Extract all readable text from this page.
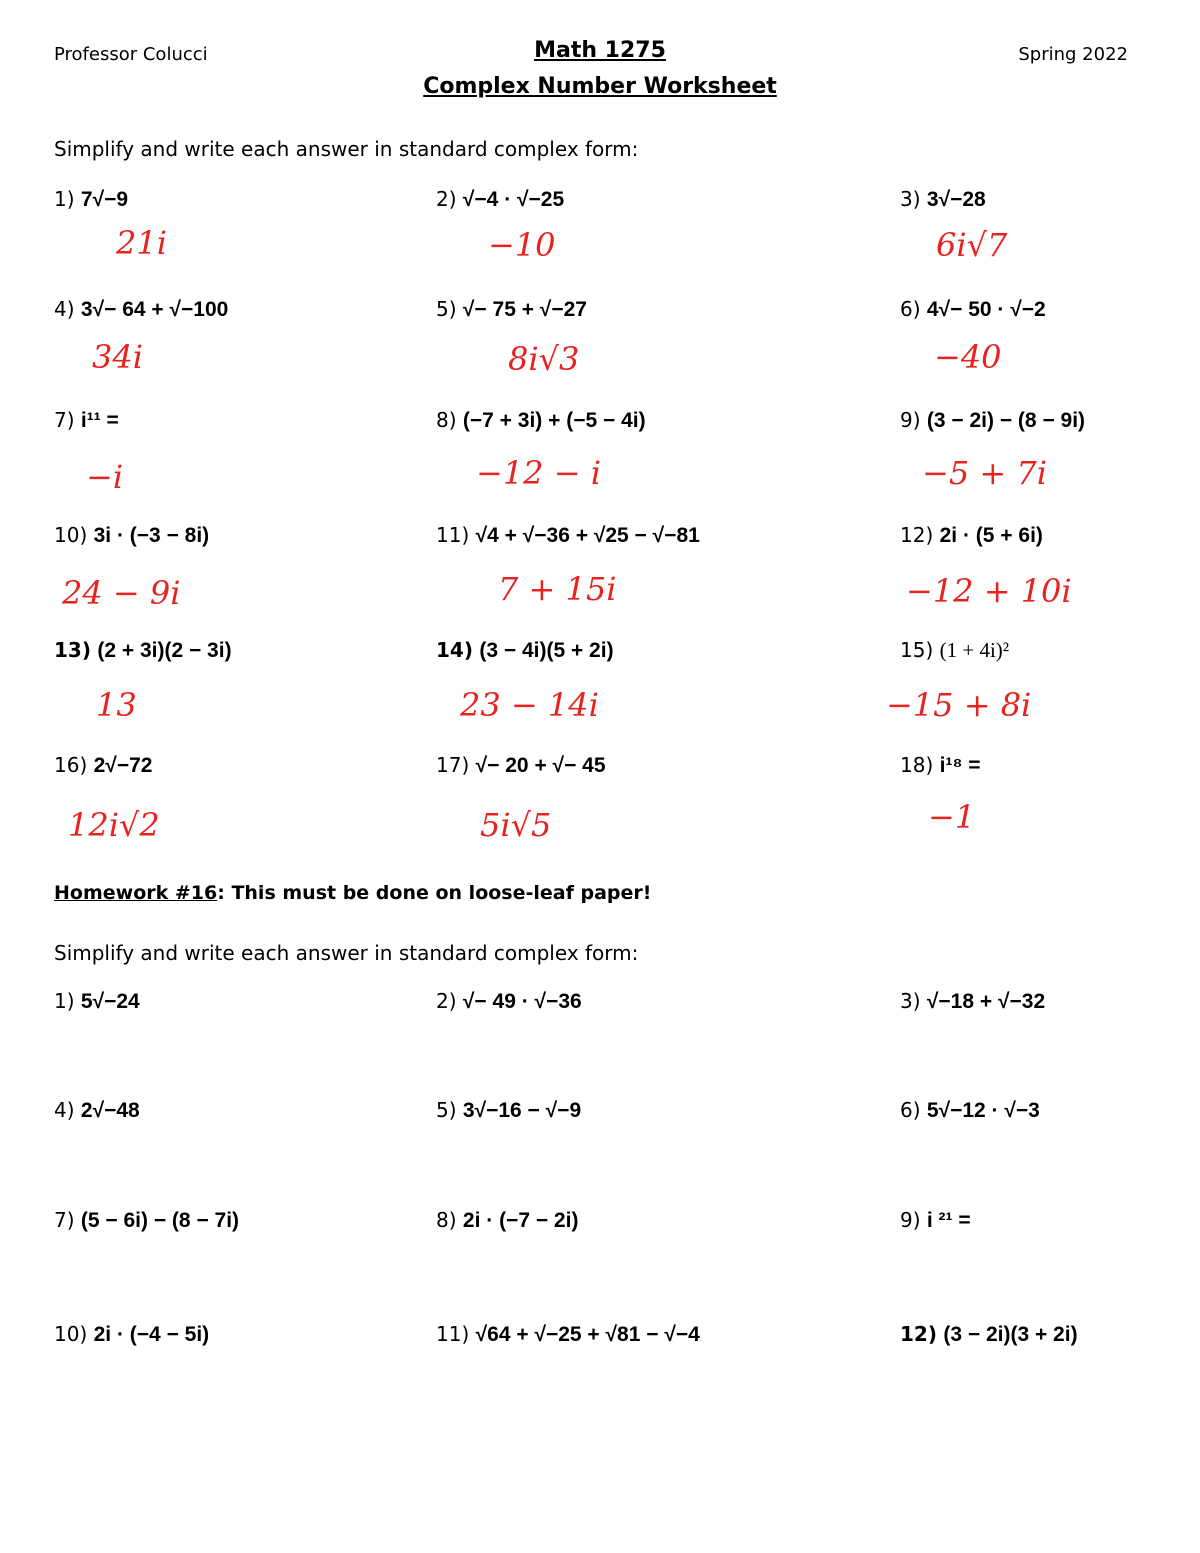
Professor Colucci	Math 1275
Complex Number Worksheet
Spring 2022
Simplify and write each answer in standard complex form:
1) 7√−9	2) √−4 · √−25	3) 3√−28
21i	−10	6i√7
4) 3√− 64 + √−100	5) √− 75 + √−27	6) 4√− 50 · √−2
34i	8i√3	−40
7) i¹¹ =	8) (−7 + 3i) + (−5 − 4i)	9) (3 − 2i) − (8 − 9i)
−i	−12 − i	−5 + 7i
10) 3i · (−3 − 8i)	11) √4 + √−36 + √25 − √−81	12) 2i · (5 + 6i)
24 − 9i	7 + 15i	−12 + 10i
13) (2 + 3i)(2 − 3i)	14) (3 − 4i)(5 + 2i)	15) (1 + 4i)²
13	23 − 14i	−15 + 8i
16) 2√−72	17) √− 20 + √− 45	18) i¹⁸ =
12i√2	5i√5	−1
Homework #16: This must be done on loose-leaf paper!
Simplify and write each answer in standard complex form:
1) 5√−24	2) √− 49 · √−36	3) √−18 + √−32
4) 2√−48	5) 3√−16 − √−9	6) 5√−12 · √−3
7) (5 − 6i) − (8 − 7i)	8) 2i · (−7 − 2i)	9) i ²¹ =
10) 2i · (−4 − 5i)	11) √64 + √−25 + √81 − √−4	12) (3 − 2i)(3 + 2i)
